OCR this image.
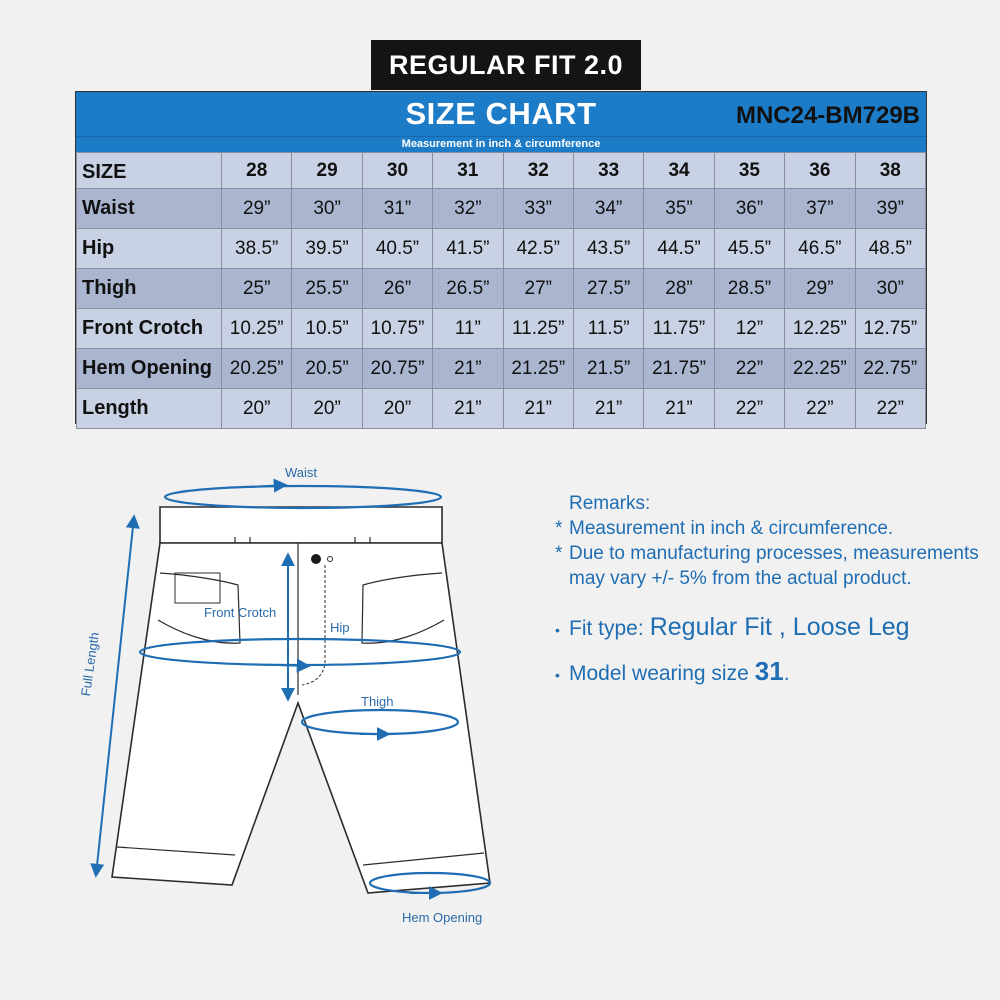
REGULAR FIT 2.0
SIZE CHART	MNC24-BM729B
Measurement in inch & circumference
SIZE	28	29	30	31	32	33	34	35	36	38
Waist	29”	30”	31”	32”	33”	34”	35”	36”	37”	39”
Hip	38.5”	39.5”	40.5”	41.5”	42.5”	43.5”	44.5”	45.5”	46.5”	48.5”
Thigh	25”	25.5”	26”	26.5”	27”	27.5”	28”	28.5”	29”	30”
Front Crotch	10.25”	10.5”	10.75”	11”	11.25”	11.5”	11.75”	12”	12.25”	12.75”
Hem Opening	20.25”	20.5”	20.75”	21”	21.25”	21.5”	21.75”	22”	22.25”	22.75”
Length	20”	20”	20”	21”	21”	21”	21”	22”	22”	22”
Waist
Front Crotch
Hip
Thigh
Full Length
Hem Opening
Remarks:
* Measurement in inch & circumference.
* Due to manufacturing processes, measurements may vary +/- 5% from the actual product.
• Fit type: Regular Fit , Loose Leg
• Model wearing size 31 .
